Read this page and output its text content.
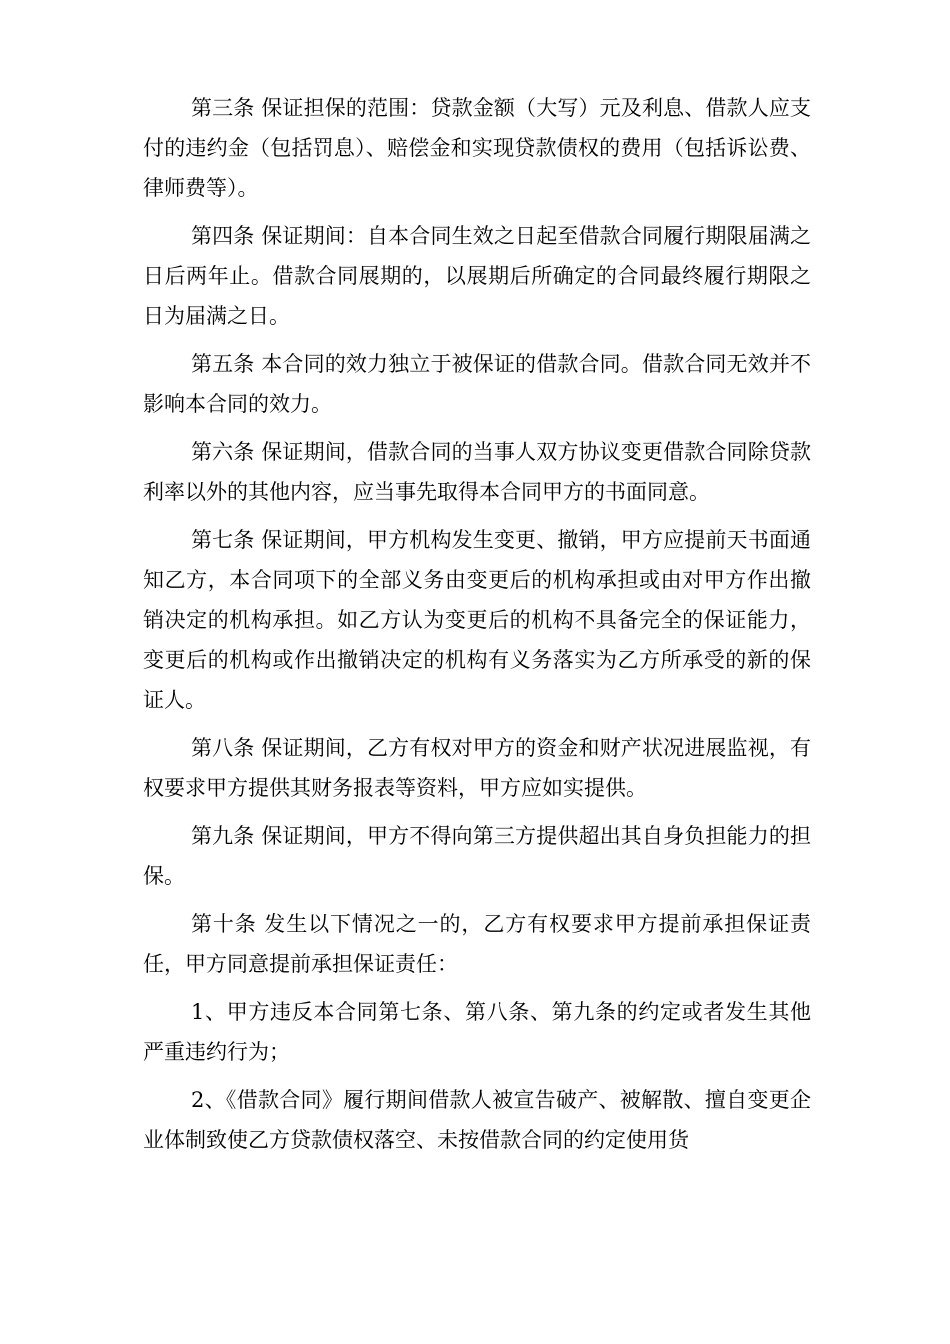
第三条 保证担保的范围：贷款金额（大写）元及利息、借款人应支付的违约金（包括罚息）、赔偿金和实现贷款债权的费用（包括诉讼费、律师费等）。

第四条 保证期间：自本合同生效之日起至借款合同履行期限届满之日后两年止。借款合同展期的，以展期后所确定的合同最终履行期限之日为届满之日。

第五条 本合同的效力独立于被保证的借款合同。借款合同无效并不影响本合同的效力。

第六条 保证期间，借款合同的当事人双方协议变更借款合同除贷款利率以外的其他内容，应当事先取得本合同甲方的书面同意。

第七条 保证期间，甲方机构发生变更、撤销，甲方应提前天书面通知乙方，本合同项下的全部义务由变更后的机构承担或由对甲方作出撤销决定的机构承担。如乙方认为变更后的机构不具备完全的保证能力，变更后的机构或作出撤销决定的机构有义务落实为乙方所承受的新的保证人。

第八条 保证期间，乙方有权对甲方的资金和财产状况进展监视，有权要求甲方提供其财务报表等资料，甲方应如实提供。

第九条 保证期间，甲方不得向第三方提供超出其自身负担能力的担保。

第十条 发生以下情况之一的，乙方有权要求甲方提前承担保证责任，甲方同意提前承担保证责任：

1、甲方违反本合同第七条、第八条、第九条的约定或者发生其他严重违约行为；

2、《借款合同》履行期间借款人被宣告破产、被解散、擅自变更企业体制致使乙方贷款债权落空、未按借款合同的约定使用货
